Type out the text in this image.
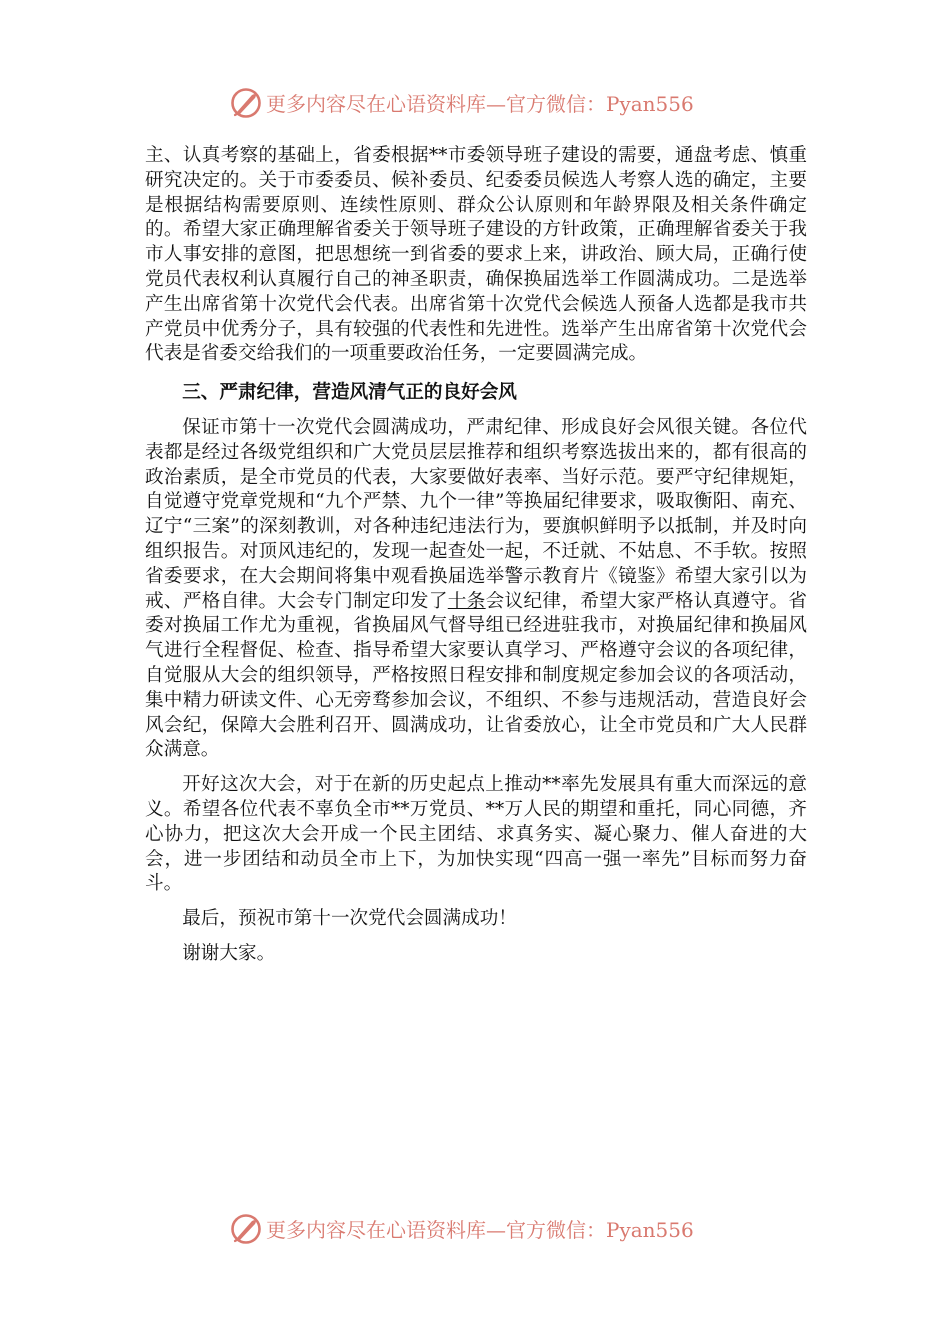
更多内容尽在心语资料库—官方微信：Pyan556

主、认真考察的基础上，省委根据**市委领导班子建设的需要，通盘考虑、慎重研究决定的。关于市委委员、候补委员、纪委委员候选人考察人选的确定，主要是根据结构需要原则、连续性原则、群众公认原则和年龄界限及相关条件确定的。希望大家正确理解省委关于领导班子建设的方针政策，正确理解省委关于我市人事安排的意图，把思想统一到省委的要求上来，讲政治、顾大局，正确行使党员代表权利认真履行自己的神圣职责，确保换届选举工作圆满成功。二是选举产生出席省第十次党代会代表。出席省第十次党代会候选人预备人选都是我市共产党员中优秀分子，具有较强的代表性和先进性。选举产生出席省第十次党代会代表是省委交给我们的一项重要政治任务，一定要圆满完成。

三、严肃纪律，营造风清气正的良好会风

保证市第十一次党代会圆满成功，严肃纪律、形成良好会风很关键。各位代表都是经过各级党组织和广大党员层层推荐和组织考察选拔出来的，都有很高的政治素质，是全市党员的代表，大家要做好表率、当好示范。要严守纪律规矩，自觉遵守党章党规和“九个严禁、九个一律”等换届纪律要求，吸取衡阳、南充、辽宁“三案”的深刻教训，对各种违纪违法行为，要旗帜鲜明予以抵制，并及时向组织报告。对顶风违纪的，发现一起查处一起，不迁就、不姑息、不手软。按照省委要求，在大会期间将集中观看换届选举警示教育片《镜鉴》希望大家引以为戒、严格自律。大会专门制定印发了十条会议纪律，希望大家严格认真遵守。省委对换届工作尤为重视，省换届风气督导组已经进驻我市，对换届纪律和换届风气进行全程督促、检查、指导希望大家要认真学习、严格遵守会议的各项纪律，自觉服从大会的组织领导，严格按照日程安排和制度规定参加会议的各项活动，集中精力研读文件、心无旁骛参加会议，不组织、不参与违规活动，营造良好会风会纪，保障大会胜利召开、圆满成功，让省委放心，让全市党员和广大人民群众满意。

开好这次大会，对于在新的历史起点上推动**率先发展具有重大而深远的意义。希望各位代表不辜负全市**万党员、**万人民的期望和重托，同心同德，齐心协力，把这次大会开成一个民主团结、求真务实、凝心聚力、催人奋进的大会，进一步团结和动员全市上下，为加快实现“四高一强一率先”目标而努力奋斗。

最后，预祝市第十一次党代会圆满成功！

谢谢大家。

更多内容尽在心语资料库—官方微信：Pyan556
